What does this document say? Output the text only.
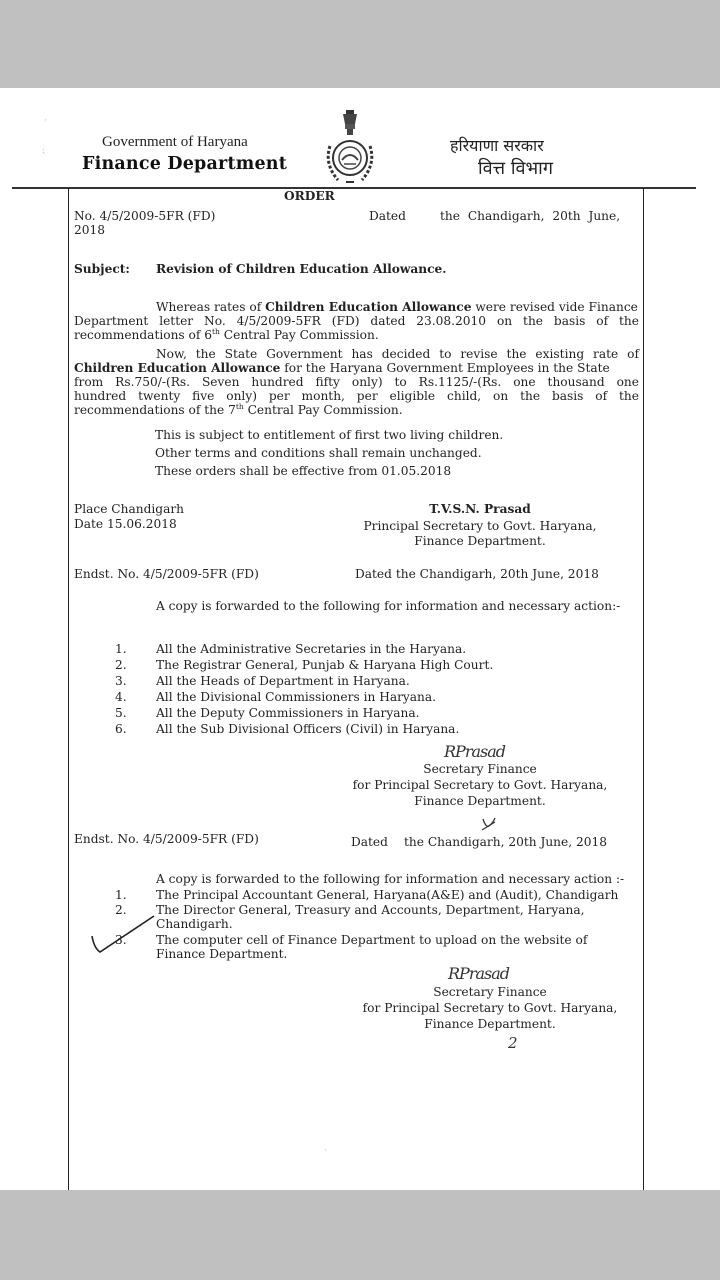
·
⁏
Government of Haryana
Finance Department
हरियाणा सरकार
वित्त विभाग
ORDER
No. 4/5/2009-5FR (FD)
2018
Dated	the Chandigarh, 20th June,
Subject: Revision of Children Education Allowance.
Whereas rates of Children Education Allowance were revised vide Finance
Department letter No. 4/5/2009-5FR (FD) dated 23.08.2010 on the basis of the
recommendations of 6th Central Pay Commission.
Now, the State Government has decided to revise the existing rate of
Children Education Allowance for the Haryana Government Employees in the State
from Rs.750/-(Rs. Seven hundred fifty only) to Rs.1125/-(Rs. one thousand one
hundred twenty five only) per month, per eligible child, on the basis of the
recommendations of the 7th Central Pay Commission.
This is subject to entitlement of first two living children.
Other terms and conditions shall remain unchanged.
These orders shall be effective from 01.05.2018
Place Chandigarh
Date 15.06.2018
T.V.S.N. Prasad
Principal Secretary to Govt. Haryana,
Finance Department.
Endst. No. 4/5/2009-5FR (FD)	Dated the Chandigarh, 20th June, 2018
A copy is forwarded to the following for information and necessary action:-
1. All the Administrative Secretaries in the Haryana.
2. The Registrar General, Punjab & Haryana High Court.
3. All the Heads of Department in Haryana.
4. All the Divisional Commissioners in Haryana.
5. All the Deputy Commissioners in Haryana.
6. All the Sub Divisional Officers (Civil) in Haryana.
RPrasad
Secretary Finance
for Principal Secretary to Govt. Haryana,
Finance Department.
Endst. No. 4/5/2009-5FR (FD)	Dated the Chandigarh, 20th June, 2018
A copy is forwarded to the following for information and necessary action :-
1. The Principal Accountant General, Haryana(A&E) and (Audit), Chandigarh
2. The Director General, Treasury and Accounts, Department, Haryana,
Chandigarh.
3. The computer cell of Finance Department to upload on the website of
Finance Department.
RPrasad
Secretary Finance
for Principal Secretary to Govt. Haryana,
Finance Department.
2
·
